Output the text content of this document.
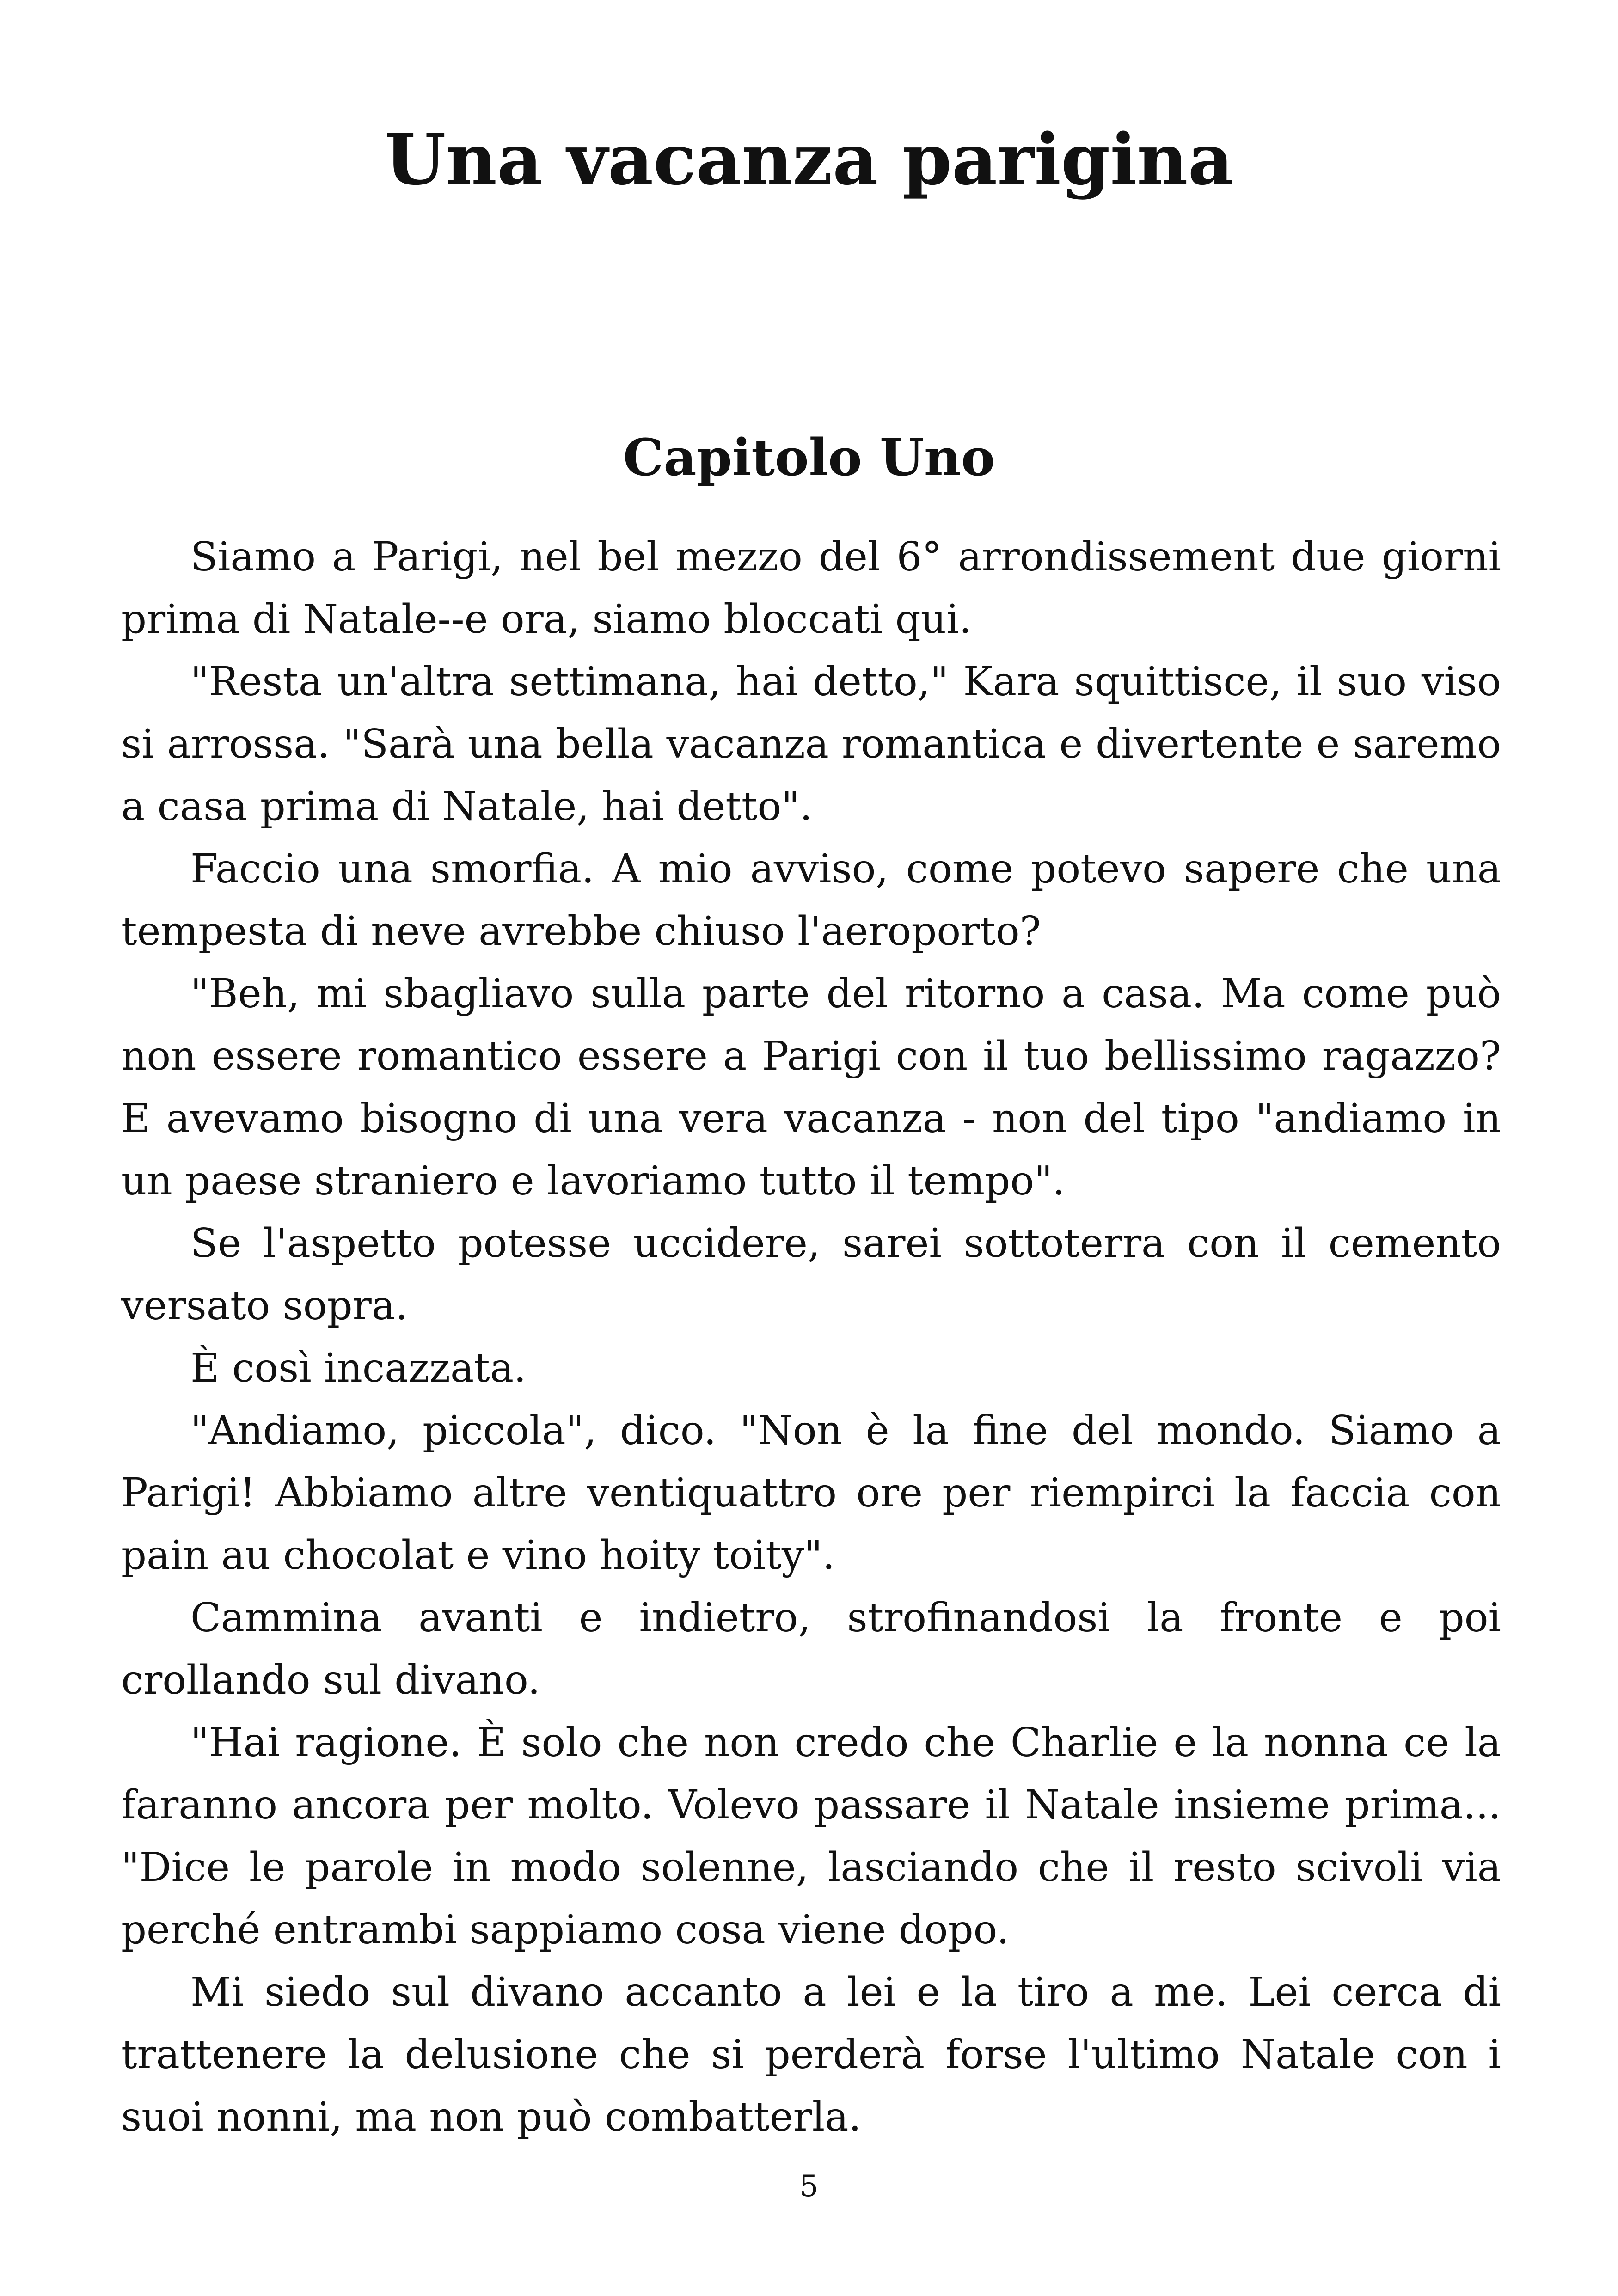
Una vacanza parigina
Capitolo Uno

Siamo a Parigi, nel bel mezzo del 6° arrondissement due giorni prima di Natale--e ora, siamo bloccati qui.

"Resta un'altra settimana, hai detto," Kara squittisce, il suo viso si arrossa. "Sarà una bella vacanza romantica e divertente e saremo a casa prima di Natale, hai detto".

Faccio una smorfia. A mio avviso, come potevo sapere che una tempesta di neve avrebbe chiuso l'aeroporto?

"Beh, mi sbagliavo sulla parte del ritorno a casa. Ma come può non essere romantico essere a Parigi con il tuo bellissimo ragazzo? E avevamo bisogno di una vera vacanza - non del tipo "andiamo in un paese straniero e lavoriamo tutto il tempo".

Se l'aspetto potesse uccidere, sarei sottoterra con il cemento versato sopra.

È così incazzata.

"Andiamo, piccola", dico. "Non è la fine del mondo. Siamo a Parigi! Abbiamo altre ventiquattro ore per riempirci la faccia con pain au chocolat e vino hoity toity".

Cammina avanti e indietro, strofinandosi la fronte e poi crollando sul divano.

"Hai ragione. È solo che non credo che Charlie e la nonna ce la faranno ancora per molto. Volevo passare il Natale insieme prima... "Dice le parole in modo solenne, lasciando che il resto scivoli via perché entrambi sappiamo cosa viene dopo.

Mi siedo sul divano accanto a lei e la tiro a me. Lei cerca di trattenere la delusione che si perderà forse l'ultimo Natale con i suoi nonni, ma non può combatterla.

5
